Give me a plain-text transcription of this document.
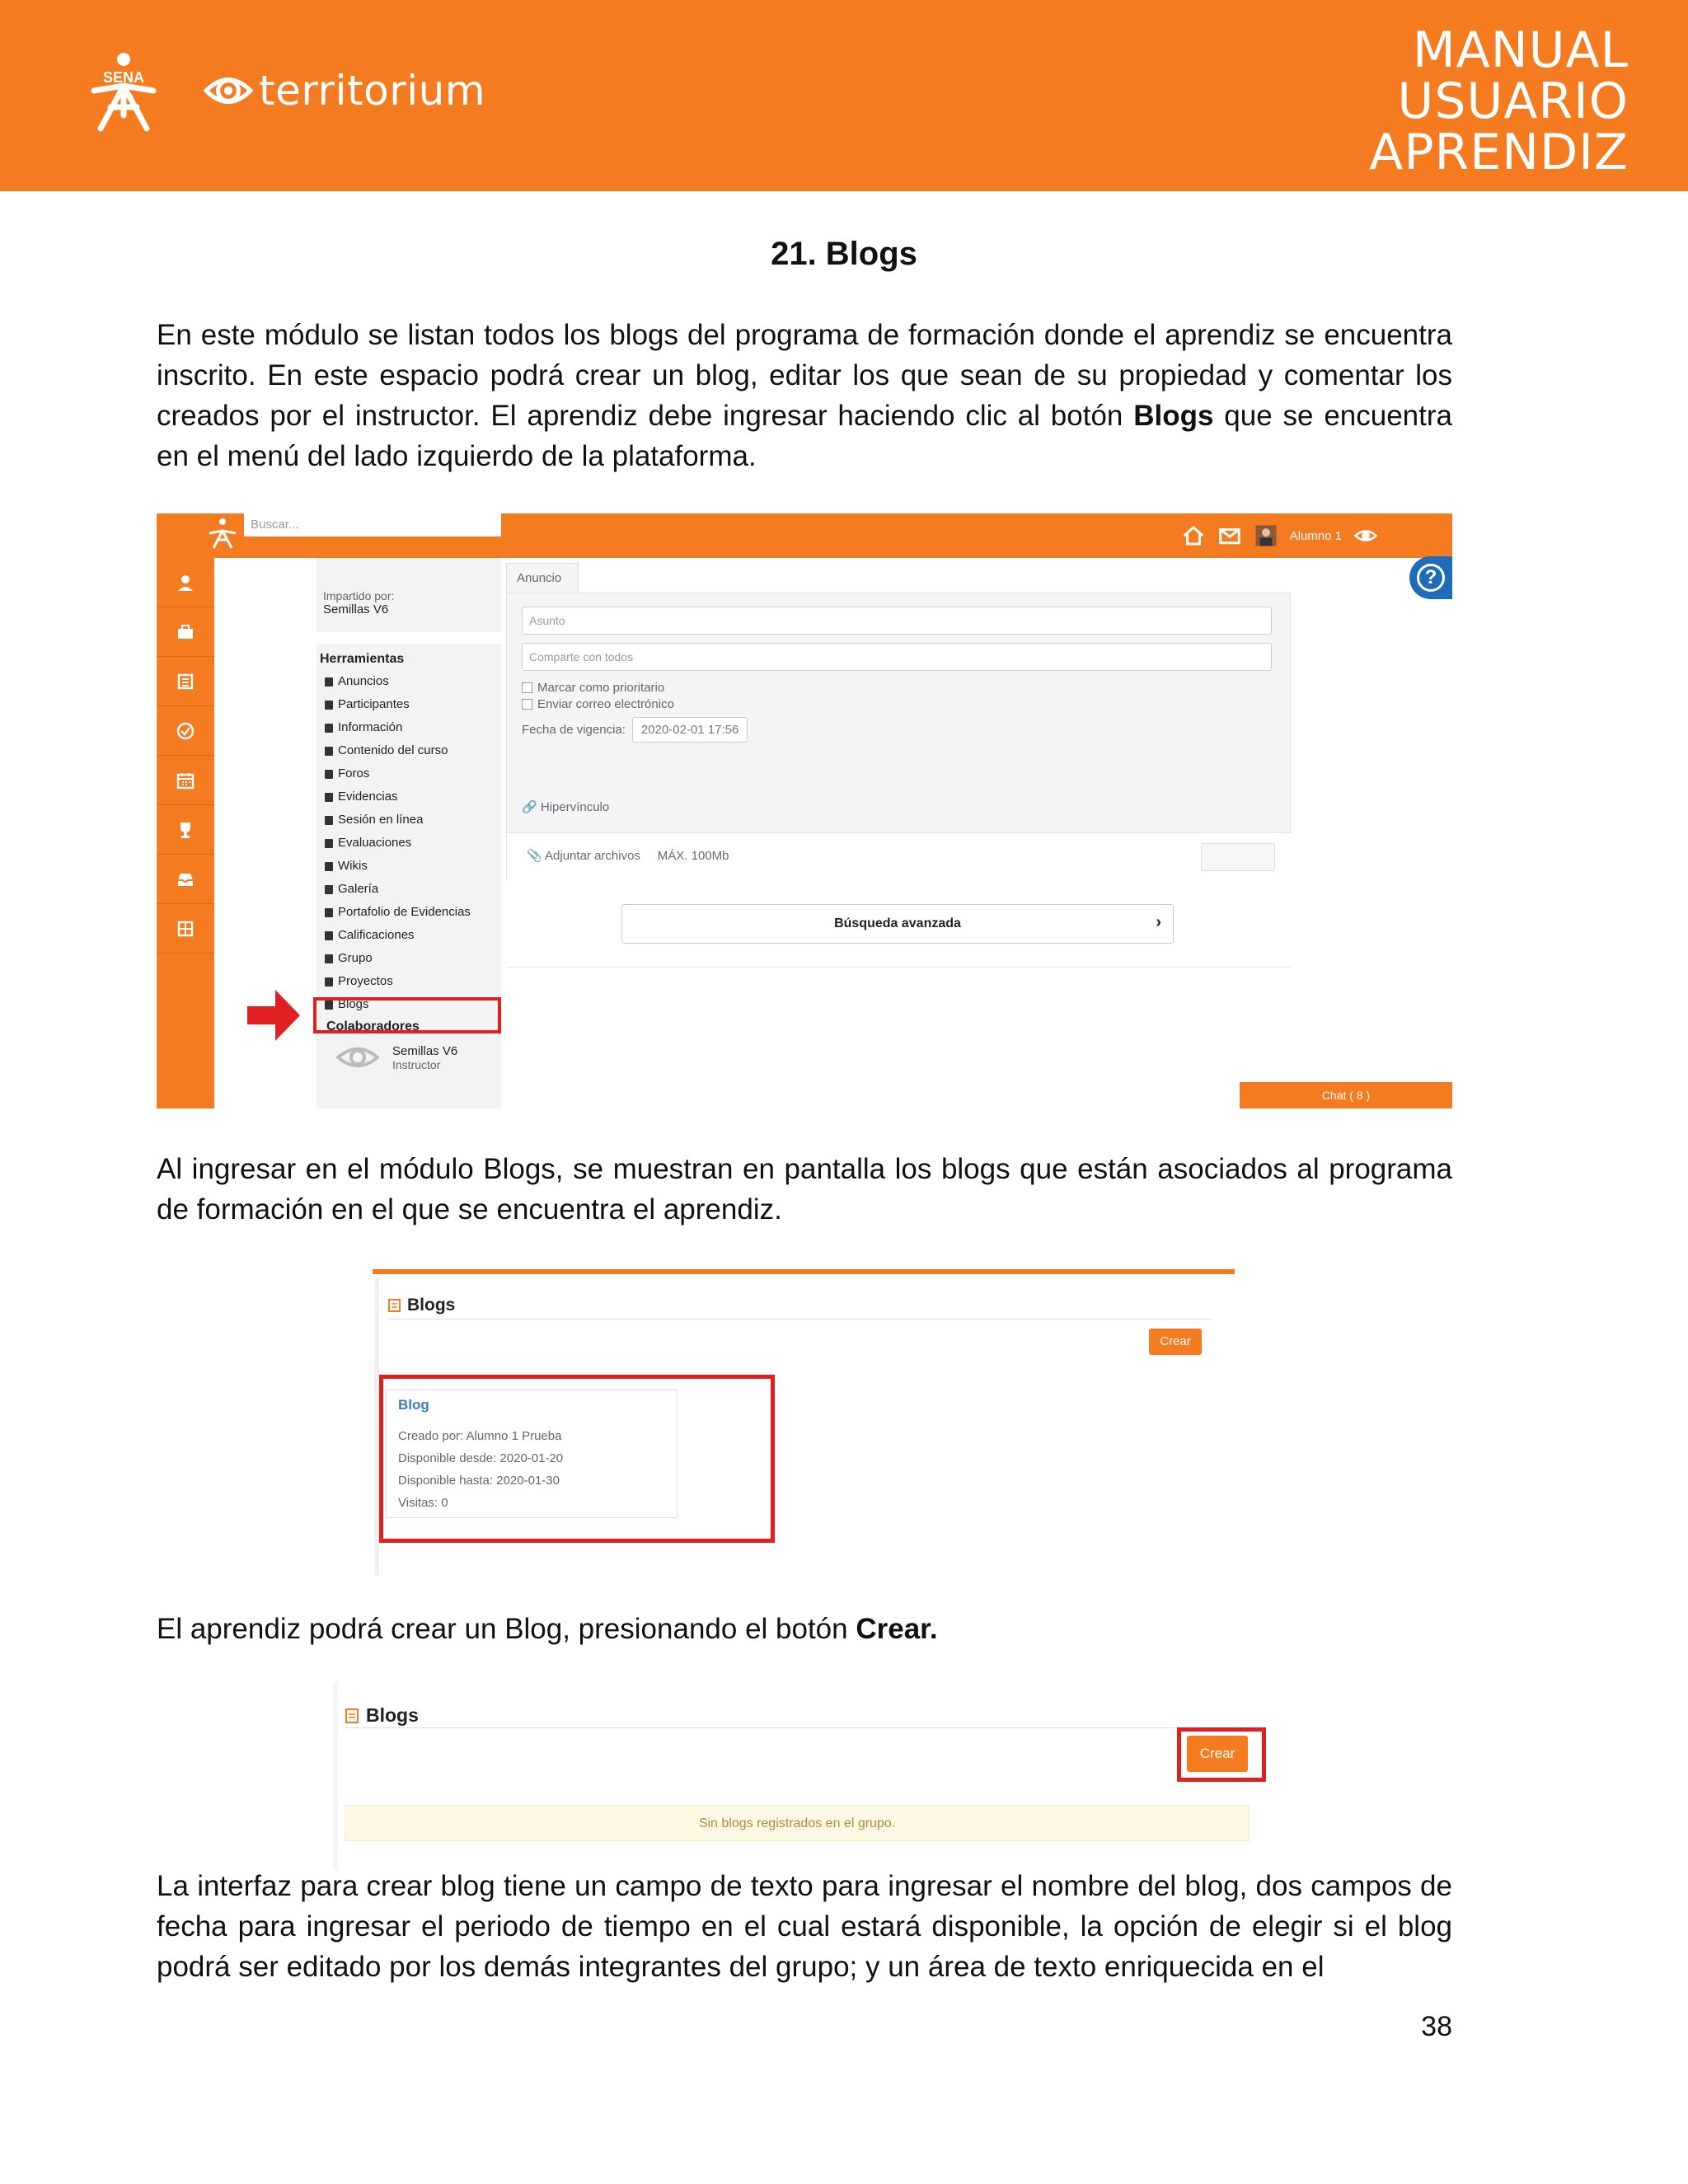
SENA	territorium
MANUAL
USUARIO
APRENDIZ
21. Blogs
En este módulo se listan todos los blogs del programa de formación donde el aprendiz se encuentra inscrito. En este espacio podrá crear un blog, editar los que sean de su propiedad y comentar los creados por el instructor. El aprendiz debe ingresar haciendo clic al botón Blogs que se encuentra en el menú del lado izquierdo de la plataforma.
Buscar...
Alumno 1
?
Impartido por:
Semillas V6
Herramientas
Anuncios
Participantes
Información
Contenido del curso
Foros
Evidencias
Sesión en línea
Evaluaciones
Wikis
Galería
Portafolio de Evidencias
Calificaciones
Grupo
Proyectos
Blogs
Colaboradores
Semillas V6
Instructor
Anuncio
Asunto
Comparte con todos
Marcar como prioritario
Enviar correo electrónico
Fecha de vigencia:	2020-02-01 17:56
🔗 Hipervínculo
📎 Adjuntar archivos MÁX. 100Mb
Búsqueda avanzada	›
Chat ( 8 )
Al ingresar en el módulo Blogs, se muestran en pantalla los blogs que están asociados al programa de formación en el que se encuentra el aprendiz.
Blogs
Crear
Blog
Creado por: Alumno 1 Prueba
Disponible desde: 2020-01-20
Disponible hasta: 2020-01-30
Visitas: 0
El aprendiz podrá crear un Blog, presionando el botón Crear.
Blogs
Crear
Sin blogs registrados en el grupo.
La interfaz para crear blog tiene un campo de texto para ingresar el nombre del blog, dos campos de fecha para ingresar el periodo de tiempo en el cual estará disponible, la opción de elegir si el blog podrá ser editado por los demás integrantes del grupo; y un área de texto enriquecida en el
38
